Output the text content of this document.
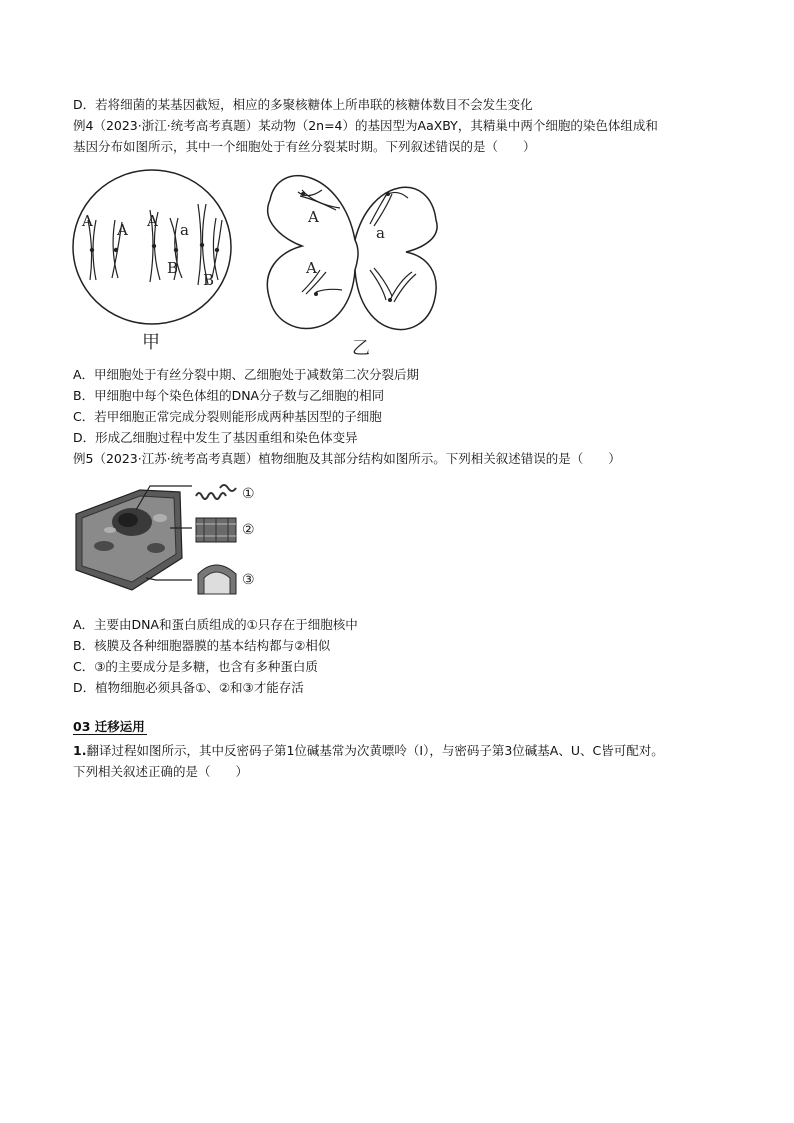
D．若将细菌的某基因截短，相应的多聚核糖体上所串联的核糖体数目不会发生变化
例4（2023·浙江·统考高考真题）某动物（2n=4）的基因型为AaXBY，其精巢中两个细胞的染色体组成和
基因分布如图所示，其中一个细胞处于有丝分裂某时期。下列叙述错误的是（　　）
A A A a
B
B
甲
A
a
A
乙
A．甲细胞处于有丝分裂中期、乙细胞处于减数第二次分裂后期
B．甲细胞中每个染色体组的DNA分子数与乙细胞的相同
C．若甲细胞正常完成分裂则能形成两种基因型的子细胞
D．形成乙细胞过程中发生了基因重组和染色体变异
例5（2023·江苏·统考高考真题）植物细胞及其部分结构如图所示。下列相关叙述错误的是（　　）
①
②
③
A．主要由DNA和蛋白质组成的①只存在于细胞核中
B．核膜及各种细胞器膜的基本结构都与②相似
C．③的主要成分是多糖，也含有多种蛋白质
D．植物细胞必须具备①、②和③才能存活
03 迁移运用
1.翻译过程如图所示，其中反密码子第1位碱基常为次黄嘌呤（I），与密码子第3位碱基A、U、C皆可配对。
下列相关叙述正确的是（　　）
